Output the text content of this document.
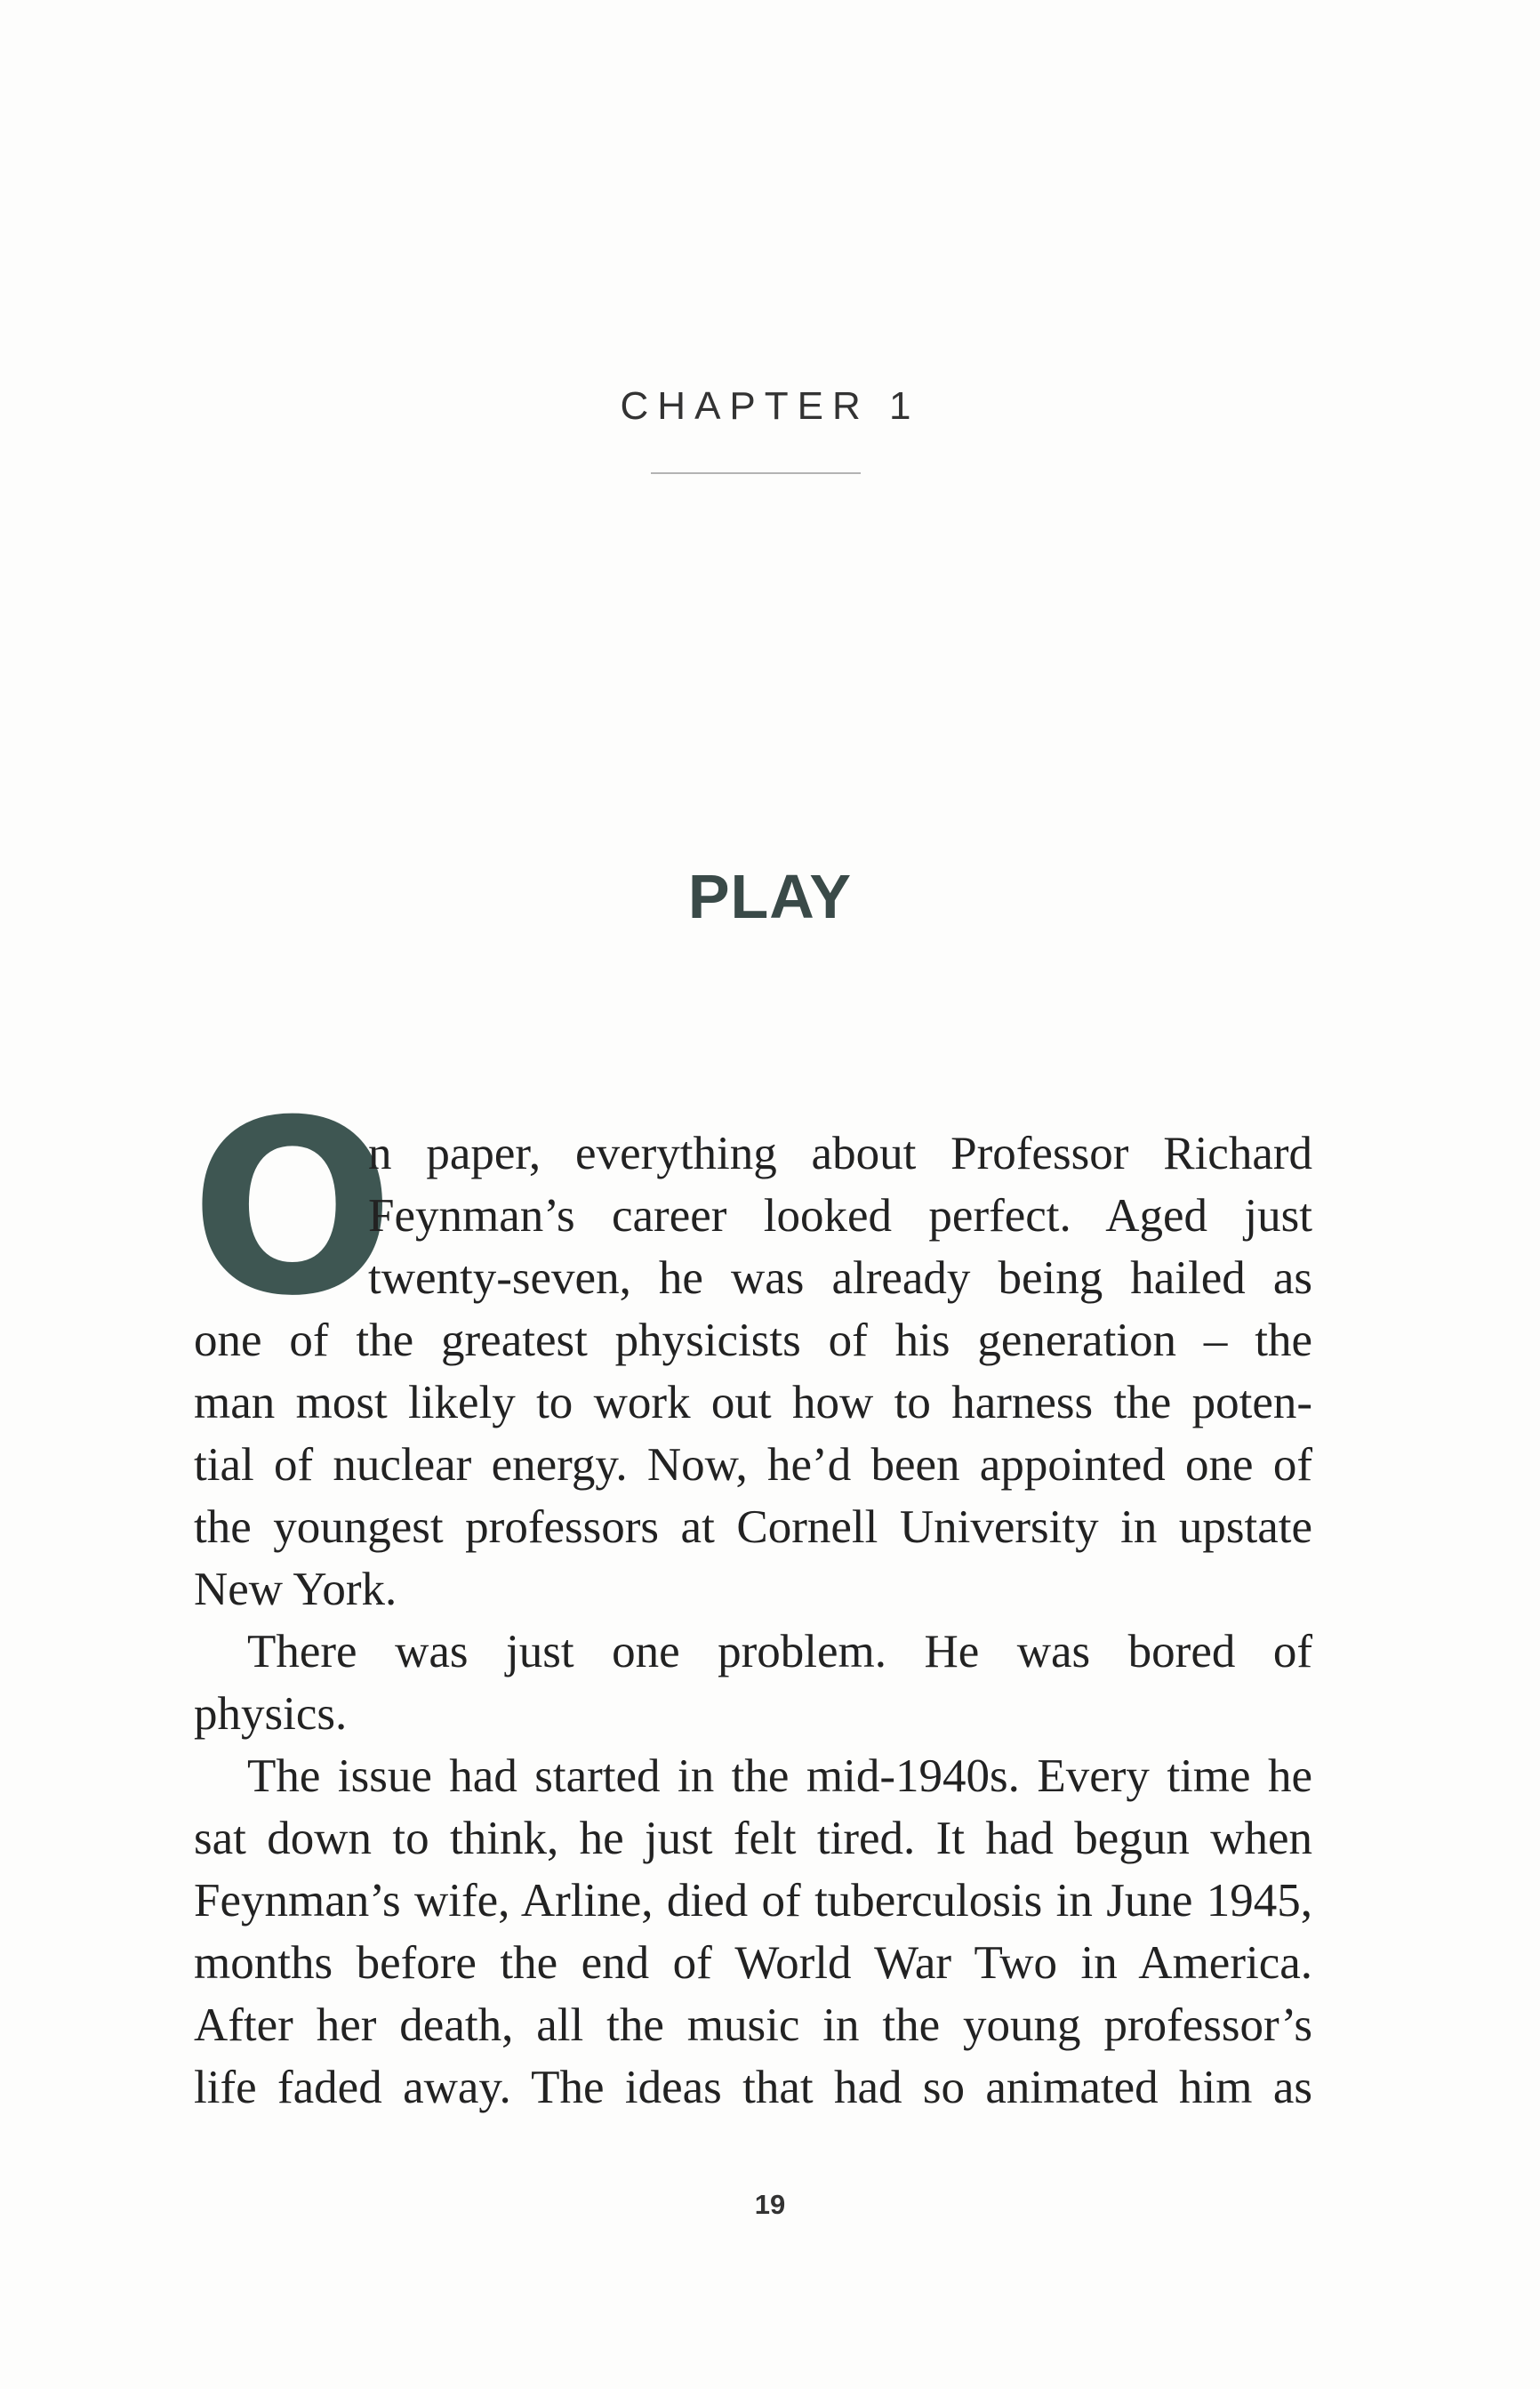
CHAPTER 1
PLAY
O
n paper, everything about Professor Richard
Feynman’s career looked perfect. Aged just
twenty-seven, he was already being hailed as
one of the greatest physicists of his generation – the
man most likely to work out how to harness the poten-
tial of nuclear energy. Now, he’d been appointed one of
the youngest professors at Cornell University in upstate
New York.
There was just one problem. He was bored of
physics.
The issue had started in the mid-1940s. Every time he
sat down to think, he just felt tired. It had begun when
Feynman’s wife, Arline, died of tuberculosis in June 1945,
months before the end of World War Two in America.
After her death, all the music in the young professor’s
life faded away. The ideas that had so animated him as
19
